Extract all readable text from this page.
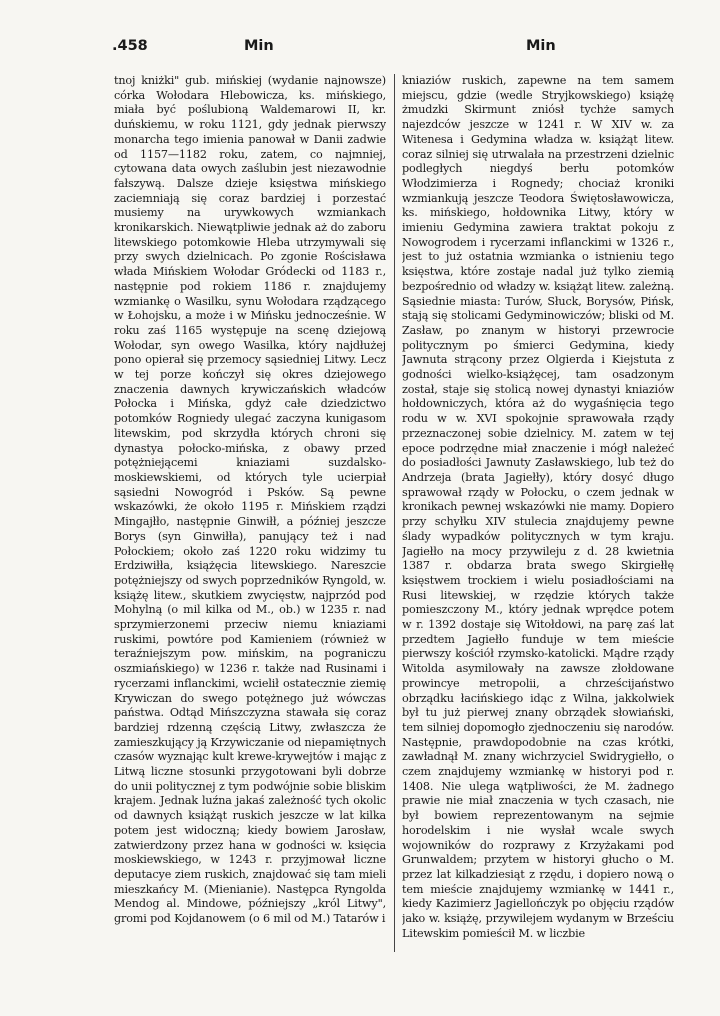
.458	Min	Min
tnoj kniżki" gub. mińskiej (wydanie najnowsze) córka Wołodara Hlebowicza, ks. mińskiego, miała być poślubioną Waldemarowi II, kr. duńskiemu, w roku 1121, gdy jednak pierwszy monarcha tego imienia panował w Danii zadwie od 1157—1182 roku, zatem, co najmniej, cytowana data owych zaślubin jest niezawodnie fałszywą. Dalsze dzieje księstwa mińskiego zaciemniają się coraz bardziej i porzestać musiemy na urywkowych wzmiankach kronikarskich. Niewątpliwie jednak aż do zaboru litewskiego potomkowie Hleba utrzymywali się przy swych dzielnicach. Po zgonie Rościsława włada Mińskiem Wołodar Gródecki od 1183 r., następnie pod rokiem 1186 r. znajdujemy wzmiankę o Wasilku, synu Wołodara rządzącego w Łohojsku, a może i w Mińsku jednocześnie. W roku zaś 1165 występuje na scenę dziejową Wołodar, syn owego Wasilka, który najdłużej pono opierał się przemocy sąsiedniej Litwy. Lecz w tej porze kończył się okres dziejowego znaczenia dawnych krywiczańskich władców Połocka i Mińska, gdyż całe dziedzictwo potomków Rogniedy ulegać zaczyna kunigasom litewskim, pod skrzydła których chroni się dynastya połocko-mińska, z obawy przed potężniejącemi kniaziami suzdalsko-moskiewskiemi, od których tyle ucierpiał sąsiedni Nowogród i Psków. Są pewne wskazówki, że około 1195 r. Mińskiem rządzi Mingajłło, następnie Ginwiłł, a później jeszcze Borys (syn Ginwiłła), panujący też i nad Połockiem; około zaś 1220 roku widzimy tu Erdziwiłła, książęcia litewskiego. Nareszcie potężniejszy od swych poprzedników Ryngold, w. książę litew., skutkiem zwycięstw, najprzód pod Mohylną (o mil kilka od M., ob.) w 1235 r. nad sprzymierzonemi przeciw niemu kniaziami ruskimi, powtóre pod Kamieniem (również w teraźniejszym pow. mińskim, na pograniczu oszmiańskiego) w 1236 r. także nad Rusinami i rycerzami inflanckimi, wcielił ostatecznie ziemię Krywiczan do swego potężnego już wówczas państwa. Odtąd Mińszczyzna stawała się coraz bardziej rdzenną częścią Litwy, zwłaszcza że zamieszkujący ją Krzywiczanie od niepamiętnych czasów wyznając kult krewe-krywejtów i mając z Litwą liczne stosunki przygotowani byli dobrze do unii politycznej z tym podwójnie sobie bliskim krajem. Jednak luźna jakaś zależność tych okolic od dawnych książąt ruskich jeszcze w lat kilka potem jest widoczną; kiedy bowiem Jarosław, zatwierdzony przez hana w godności w. księcia moskiewskiego, w 1243 r. przyjmował liczne deputacye ziem ruskich, znajdować się tam mieli mieszkańcy M. (Mienianie). Następca Ryngolda Mendog al. Mindowe, późniejszy „król Litwy", gromi pod Kojdanowem (o 6 mil od M.) Tatarów i
kniaziów ruskich, zapewne na tem samem miejscu, gdzie (wedle Stryjkowskiego) książę żmudzki Skirmunt zniósł tychże samych najezdców jeszcze w 1241 r. W XIV w. za Witenesa i Gedymina władza w. książąt litew. coraz silniej się utrwalała na przestrzeni dzielnic podległych niegdyś berłu potomków Włodzimierza i Rognedy; chociaż kroniki wzmiankują jeszcze Teodora Świętosławowicza, ks. mińskiego, hołdownika Litwy, który w imieniu Gedymina zawiera traktat pokoju z Nowogrodem i rycerzami inflanckimi w 1326 r., jest to już ostatnia wzmianka o istnieniu tego księstwa, które zostaje nadal już tylko ziemią bezpośrednio od władzy w. książąt litew. zależną. Sąsiednie miasta: Turów, Słuck, Borysów, Pińsk, stają się stolicami Gedyminowiczów; bliski od M. Zasław, po znanym w historyi przewrocie politycznym po śmierci Gedymina, kiedy Jawnuta strącony przez Olgierda i Kiejstuta z godności wielko-książęcej, tam osadzonym został, staje się stolicą nowej dynastyi kniaziów hołdowniczych, która aż do wygaśnięcia tego rodu w w. XVI spokojnie sprawowała rządy przeznaczonej sobie dzielnicy. M. zatem w tej epoce podrzędne miał znaczenie i mógł należeć do posiadłości Jawnuty Zasławskiego, lub też do Andrzeja (brata Jagiełły), który dosyć długo sprawował rządy w Połocku, o czem jednak w kronikach pewnej wskazówki nie mamy. Dopiero przy schyłku XIV stulecia znajdujemy pewne ślady wypadków politycznych w tym kraju. Jagiełło na mocy przywileju z d. 28 kwietnia 1387 r. obdarza brata swego Skirgiełłę księstwem trockiem i wielu posiadłościami na Rusi litewskiej, w rzędzie których także pomieszczony M., który jednak wprędce potem w r. 1392 dostaje się Witołdowi, na parę zaś lat przedtem Jagiełło funduje w tem mieście pierwszy kościół rzymsko-katolicki. Mądre rządy Witolda asymilowały na zawsze złołdowane prowincye metropolii, a chrześcijaństwo obrządku łacińskiego idąc z Wilna, jakkolwiek był tu już pierwej znany obrządek słowiański, tem silniej dopomogło zjednoczeniu się narodów. Następnie, prawdopodobnie na czas krótki, zawładnął M. znany wichrzyciel Swidrygiełło, o czem znajdujemy wzmiankę w historyi pod r. 1408. Nie ulega wątpliwości, że M. żadnego prawie nie miał znaczenia w tych czasach, nie był bowiem reprezentowanym na sejmie horodelskim i nie wysłał wcale swych wojowników do rozprawy z Krzyżakami pod Grunwaldem; przytem w historyi głucho o M. przez lat kilkadziesiąt z rzędu, i dopiero nową o tem mieście znajdujemy wzmiankę w 1441 r., kiedy Kazimierz Jagiellończyk po objęciu rządów jako w. książę, przywilejem wydanym w Brześciu Litewskim pomieścił M. w liczbie
